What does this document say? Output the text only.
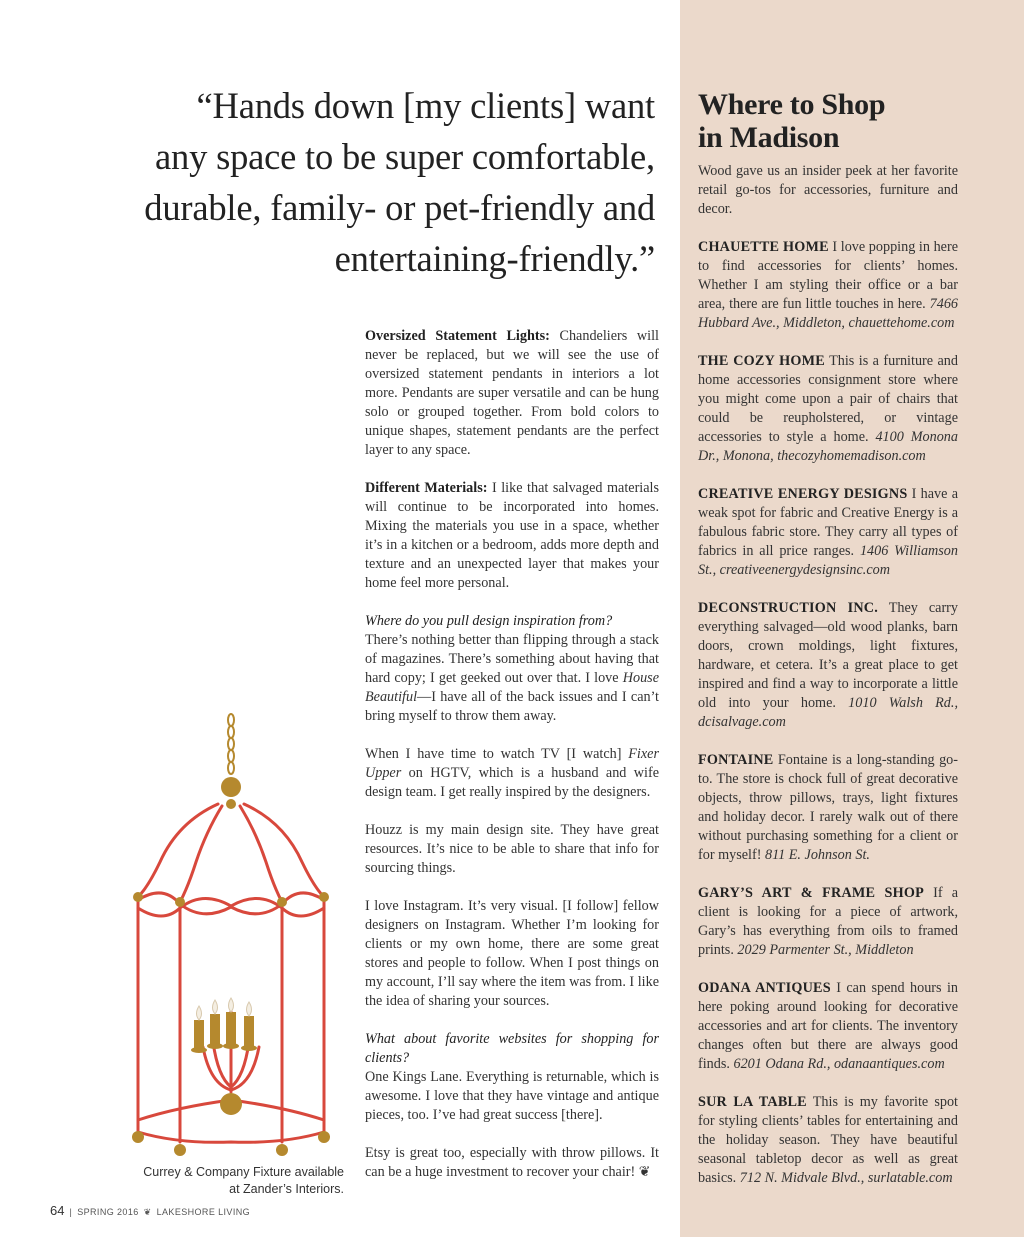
“Hands down [my clients] want
any space to be super comfortable,
durable, family- or pet-friendly and
entertaining-friendly.”

Oversized Statement Lights: Chandeliers will never be replaced, but we will see the use of oversized statement pendants in interiors a lot more. Pendants are super versatile and can be hung solo or grouped together. From bold colors to unique shapes, statement pendants are the perfect layer to any space.

Different Materials: I like that salvaged materials will continue to be incorporated into homes. Mixing the materials you use in a space, whether it’s in a kitchen or a bedroom, adds more depth and texture and an unexpected layer that makes your home feel more personal.

Where do you pull design inspiration from?

There’s nothing better than flipping through a stack of magazines. There’s something about having that hard copy; I get geeked out over that. I love House Beautiful—I have all of the back issues and I can’t bring myself to throw them away.

When I have time to watch TV [I watch] Fixer Upper on HGTV, which is a husband and wife design team. I get really inspired by the designers.

Houzz is my main design site. They have great resources. It’s nice to be able to share that info for sourcing things.

I love Instagram. It’s very visual. [I follow] fellow designers on Instagram. Whether I’m looking for clients or my own home, there are some great stores and people to follow. When I post things on my account, I’ll say where the item was from. I like the idea of sharing your sources.

What about favorite websites for shopping for clients?

One Kings Lane. Everything is returnable, which is awesome. I love that they have vintage and antique pieces, too. I’ve had great success [there].

Etsy is great too, especially with throw pillows. It can be a huge investment to recover your chair! ❦

Where to Shop
in Madison
Wood gave us an insider peek at her favorite retail go-tos for accessories, furniture and decor.
CHAUETTE HOME I love popping in here to find accessories for clients’ homes. Whether I am styling their office or a bar area, there are fun little touches in here. 7466 Hubbard Ave., Middleton, chauettehome.com
THE COZY HOME This is a furniture and home accessories consignment store where you might come upon a pair of chairs that could be reupholstered, or vintage accessories to style a home. 4100 Monona Dr., Monona, thecozyhomemadison.com
CREATIVE ENERGY DESIGNS I have a weak spot for fabric and Creative Energy is a fabulous fabric store. They carry all types of fabrics in all price ranges. 1406 Williamson St., creativeenergydesignsinc.com
DECONSTRUCTION INC. They carry everything salvaged—old wood planks, barn doors, crown moldings, light fixtures, hardware, et cetera. It’s a great place to get inspired and find a way to incorporate a little old into your home. 1010 Walsh Rd., dcisalvage.com
FONTAINE Fontaine is a long-standing go-to. The store is chock full of great decorative objects, throw pillows, trays, light fixtures and holiday decor. I rarely walk out of there without purchasing something for a client or for myself! 811 E. Johnson St.
GARY’S ART & FRAME SHOP If a client is looking for a piece of artwork, Gary’s has everything from oils to framed prints. 2029 Parmenter St., Middleton
ODANA ANTIQUES I can spend hours in here poking around looking for decorative accessories and art for clients. The inventory changes often but there are always good finds. 6201 Odana Rd., odanaantiques.com
SUR LA TABLE This is my favorite spot for styling clients’ tables for entertaining and the holiday season. They have beautiful seasonal tabletop decor as well as great basics. 712 N. Midvale Blvd., surlatable.com
Currey & Company Fixture available
at Zander’s Interiors.
64 | SPRING 2016 ❦ LAKESHORE LIVING
